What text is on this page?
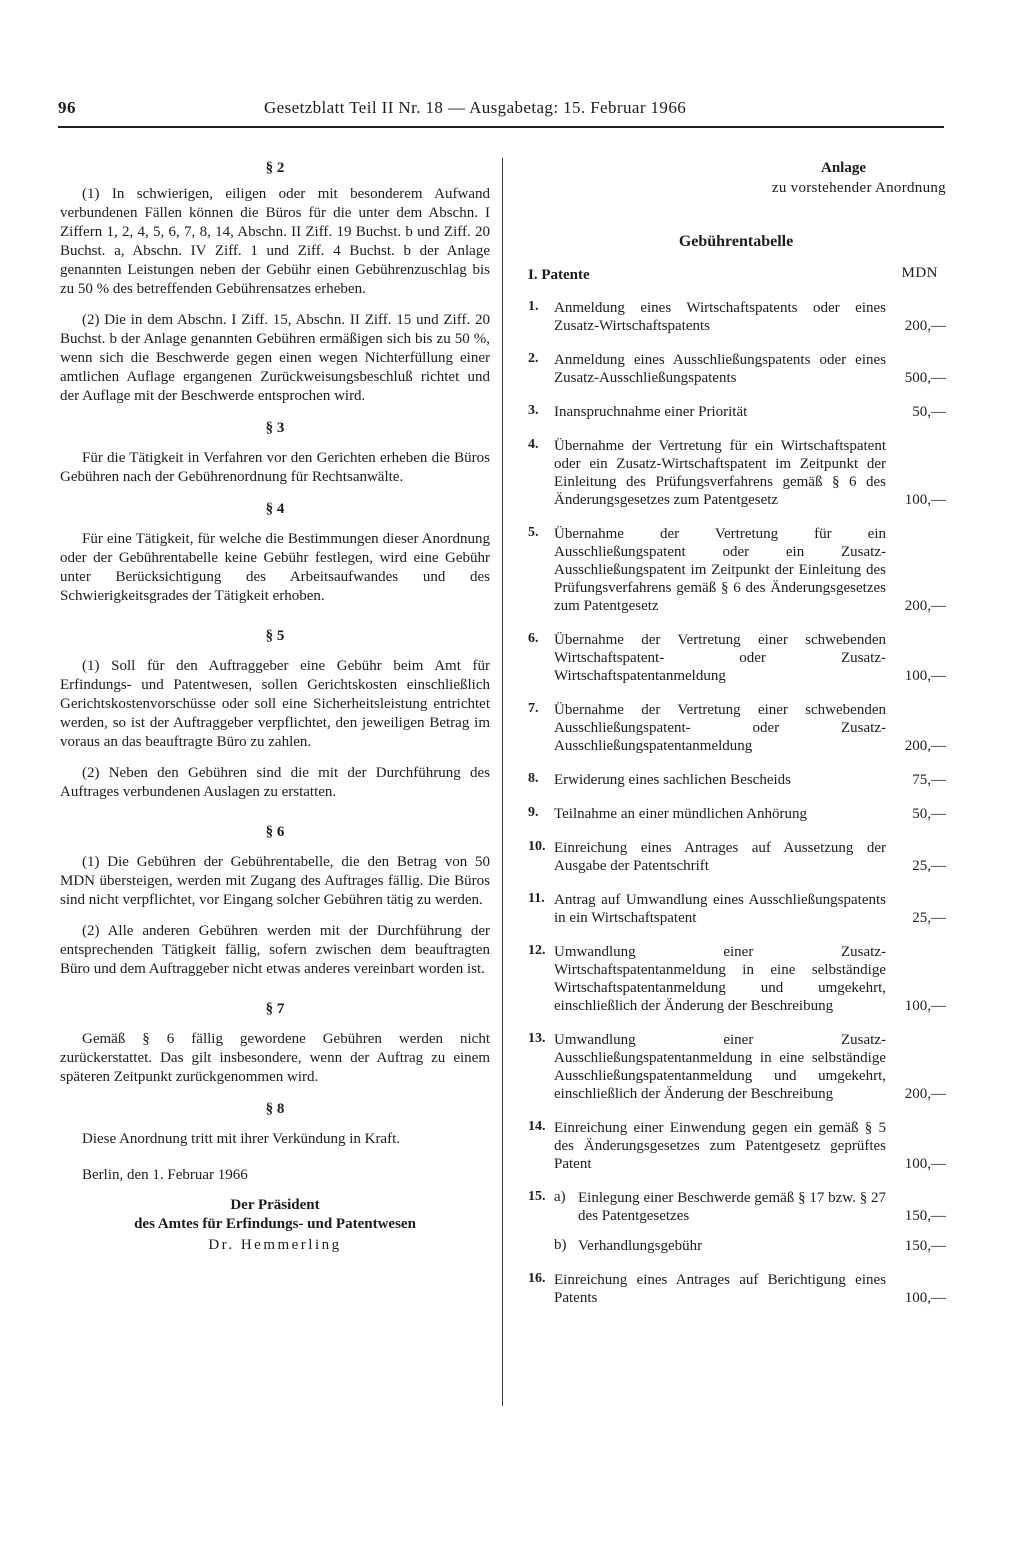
96	Gesetzblatt Teil II Nr. 18 — Ausgabetag: 15. Februar 1966
§ 2

(1) In schwierigen, eiligen oder mit besonderem Aufwand verbundenen Fällen können die Büros für die unter dem Abschn. I Ziffern 1, 2, 4, 5, 6, 7, 8, 14, Abschn. II Ziff. 19 Buchst. b und Ziff. 20 Buchst. a, Abschn. IV Ziff. 1 und Ziff. 4 Buchst. b der Anlage genannten Leistungen neben der Gebühr einen Gebührenzuschlag bis zu 50 % des betreffenden Gebührensatzes erheben.

(2) Die in dem Abschn. I Ziff. 15, Abschn. II Ziff. 15 und Ziff. 20 Buchst. b der Anlage genannten Gebühren ermäßigen sich bis zu 50 %, wenn sich die Beschwerde gegen einen wegen Nichterfüllung einer amtlichen Auflage ergangenen Zurückweisungsbeschluß richtet und der Auflage mit der Beschwerde entsprochen wird.

§ 3

Für die Tätigkeit in Verfahren vor den Gerichten erheben die Büros Gebühren nach der Gebührenordnung für Rechtsanwälte.

§ 4

Für eine Tätigkeit, für welche die Bestimmungen dieser Anordnung oder der Gebührentabelle keine Gebühr festlegen, wird eine Gebühr unter Berücksichtigung des Arbeitsaufwandes und des Schwierigkeitsgrades der Tätigkeit erhoben.

§ 5

(1) Soll für den Auftraggeber eine Gebühr beim Amt für Erfindungs- und Patentwesen, sollen Gerichtskosten einschließlich Gerichtskostenvorschüsse oder soll eine Sicherheitsleistung entrichtet werden, so ist der Auftraggeber verpflichtet, den jeweiligen Betrag im voraus an das beauftragte Büro zu zahlen.

(2) Neben den Gebühren sind die mit der Durchführung des Auftrages verbundenen Auslagen zu erstatten.

§ 6

(1) Die Gebühren der Gebührentabelle, die den Betrag von 50 MDN übersteigen, werden mit Zugang des Auftrages fällig. Die Büros sind nicht verpflichtet, vor Eingang solcher Gebühren tätig zu werden.

(2) Alle anderen Gebühren werden mit der Durchführung der entsprechenden Tätigkeit fällig, sofern zwischen dem beauftragten Büro und dem Auftraggeber nicht etwas anderes vereinbart worden ist.

§ 7

Gemäß § 6 fällig gewordene Gebühren werden nicht zurückerstattet. Das gilt insbesondere, wenn der Auftrag zu einem späteren Zeitpunkt zurückgenommen wird.

§ 8

Diese Anordnung tritt mit ihrer Verkündung in Kraft.

Berlin, den 1. Februar 1966
Der Präsident
des Amtes für Erfindungs- und Patentwesen
Dr. Hemmerling
Anlage
zu vorstehender Anordnung
Gebührentabelle
I. Patente	MDN
1. Anmeldung eines Wirtschaftspatents oder eines Zusatz-Wirtschaftspatents	200,—
2. Anmeldung eines Ausschließungspatents oder eines Zusatz-Ausschließungspatents	500,—
3. Inanspruchnahme einer Priorität	50,—
4. Übernahme der Vertretung für ein Wirtschaftspatent oder ein Zusatz-Wirtschaftspatent im Zeitpunkt der Einleitung des Prüfungsverfahrens gemäß § 6 des Änderungsgesetzes zum Patentgesetz	100,—
5. Übernahme der Vertretung für ein Ausschließungspatent oder ein Zusatz-Ausschließungspatent im Zeitpunkt der Einleitung des Prüfungsverfahrens gemäß § 6 des Änderungsgesetzes zum Patentgesetz	200,—
6. Übernahme der Vertretung einer schwebenden Wirtschaftspatent- oder Zusatz-Wirtschaftspatentanmeldung	100,—
7. Übernahme der Vertretung einer schwebenden Ausschließungspatent- oder Zusatz-Ausschließungspatentanmeldung	200,—
8. Erwiderung eines sachlichen Bescheids	75,—
9. Teilnahme an einer mündlichen Anhörung	50,—
10. Einreichung eines Antrages auf Aussetzung der Ausgabe der Patentschrift	25,—
11. Antrag auf Umwandlung eines Ausschließungspatents in ein Wirtschaftspatent	25,—
12. Umwandlung einer Zusatz-Wirtschaftspatentanmeldung in eine selbständige Wirtschaftspatentanmeldung und umgekehrt, einschließlich der Änderung der Beschreibung	100,—
13. Umwandlung einer Zusatz-Ausschließungspatentanmeldung in eine selbständige Ausschließungspatentanmeldung und umgekehrt, einschließlich der Änderung der Beschreibung	200,—
14. Einreichung einer Einwendung gegen ein gemäß § 5 des Änderungsgesetzes zum Patentgesetz geprüftes Patent	100,—
15. a) Einlegung einer Beschwerde gemäß § 17 bzw. § 27 des Patentgesetzes	150,—
b) Verhandlungsgebühr	150,—
16. Einreichung eines Antrages auf Berichtigung eines Patents	100,—
